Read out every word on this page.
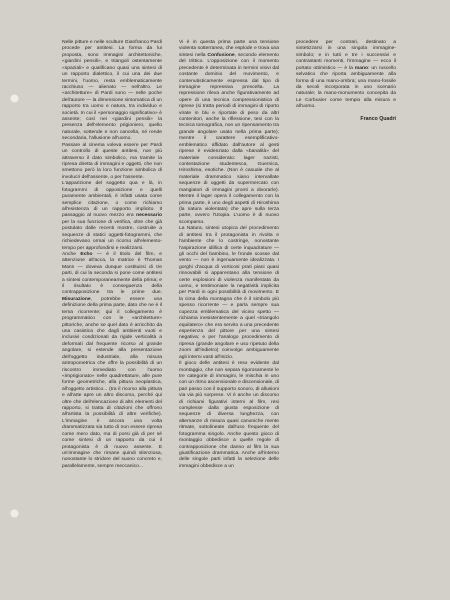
Nelle pitture e nelle sculture Gianfranco Pardi procede per antitesi. La forma da lui proposta, sono immagini architettoniche, «giardini pensili», e triangoli ostentamente «spaziali» e qualificano quasi una sintesi di un rapporto dialettico, il cui una dei due termini, l'uomo, resta emblematicamente racchiuso — alienato — nell'altro. Le «architetture» di Pardi sono — nelle poche dell'autore — la dimensione sintomatica di un rapporto tra uomo e natura, tra individuo e società. In cui il «personaggio significativo» è assente; così nei «giardini pensili» la presenza dell'elemento prigioniero, quello naturale, sottende e non cancella, né rende secondaria, l'allusione all'uomo.

Passare al cinema voleva essere per Pardi un controllo di queste antitesi, non più attraverso il dato simbolico, ma tramite la ripresa diretta di immagini e oggetti, che non smettono però la loro funzione simbolica di involucri dell'assente, o per l'assente.

L'apparizione del soggetto qua e là, in fotogrammi di opposizione e quelli puramente ambientali, è infatti usata come semplice citazione, o come richiamo all'esistenza di un rapporto implicito. Il passaggio al nuovo mezzo era necessario per la sua funzione di verifica, oltre che già postulato dalle recenti mostre, costruite a sequenze di statici oggetti-fotogrammi, che richiedevano ormai un ricorso all'elemento-tempo per approfondirsi e realizzarsi.

Anche Echo — è il titolo del film, e attenzione all'acca, la matrice è Thomas Mann — doveva dunque costituirsi di tre parti, di cui la seconda si pone come antitesi a sintesi contemporaneamente della prima; e il risultato è conseguenza della contrapposizione tra le prime due. Misurazione, potrebbe essere una definizione della prima parte, dato che ne è il tema ricorrente; qui il collegamento è programmatico con le «architetture» pittoriche, anche se quel dato è arricchito da una casistica che dagli ambienti vuoti e inclusivi condizionati da rigide verticalità a deformati dal frequente ricorso al grande angolare, si estende alla presentazione dell'oggetto industriale, alla misura antropometrica che offre la possibilità di un riscontro immediato con l'uomo «imprigionato» nelle quadrettature, alle pure forme geometriche, alla pittura neoplastica, all'oggetto artistico... (tra il ricorso alla pittura e all'arte apre un altro discorso, perché qui oltre che dell'elencazione di altri elementi del rapporto, si tratta di citazioni che offrono all'artista la possibilità di altre verifiche). L'immagine è ancora una volta drammatizzata sia tutto di non essere ripresa come mero dato, ma di porsi già di per sé come sintesi di un rapporto da cui il protagonista è di nuovo assente. E un'immagine che rimane quindi silenziosa, nonostante lo stridore del suono concreto e, parallelamente, sempre meccanico...

Vi è in questa prima parte una tensione violenta sotterranea, che esplode e trova una sintesi nella Confusione, secondo elemento del trittico. L'opposizione con il momento precedente è determinata in termini visivi dal costante dominio del movimento, e contenutisticamente espressa dal tipo di immagine repressiva prescelta. La repressione rileva anche figurativamente ad opere di una tecnica compressionistica di riprese (si tratta periodi di immagini di riporto virate in blu e riportate di peso da altri contenitori, anche la riflessione, tesi con la tecnica tomografica, non un ripensamento tra grande angolare usato nella prima parte); mentre il carattere esemplificativo-emblematico affidato dall'autore al gesti riprese è evidenziato dalla «banalità» del materiale considerato: lager nazisti, contestazione studentesca, Guernica, Hiroshima, esotiche. (Non è casuale che al materiale drammatico siano intervallate sequenze di oggetti da supermercato con mangiatori di immagini pronti a divorarle). Mentre il lager opera il collegamento con la prima parte, è uno degli aspetti di Hiroshima (la natura violentata) che apre sulla terza parte, ovvero l'Utopia. L'uomo è di nuovo scomparso.

La Natura, sintesi utopica del procedimento di antitesi tra il protagonista in rivolta e l'ambiente che lo costringe, nonostante l'aspirazione idillica di certe inquadrature — gli occhi del bambino, le fronde scosse dal vento — non è ingenuamente idealizzata. I gorghi d'acqua di vorticosi prati piani quasi rinnovabili si apparentano alla tensione di certe esplosioni di violenza manifestata da uomo, e testimoniare la negatività implicita per Pardi in ogni possibilità di movimento. E la cima della montagna che è il simbolo più spesso ricorrente — e parla sempre sua cupezza emblematica del vicino spetto — richiama inesistentemente a quel «triangolo equilatero» che era servito a una precedente esperienza del pittore per una sintesi negativa; e per l'analogo procedimento di ripresa (grande angolare e uso ripetuto della zoom all'indietro) coinvolge ambiguamente agli interni vasti all'inizio.

Il gioco delle antitesi è reso evidente dal montaggio, che non separa rigorosamente le tre categorie di immagini, le mischia in uno con un ritmo ascensionale e discensionale, di pari passo con il supporto sonoro, di allusioni via via più sorprese. Vi è anche un discorso di richiami figurativi interni al film, resi complesse dalla giusta esposizione di sequenze di diversa lunghezza, con alternanze di misura quasi canoniche mente ritmate, sottolineate dall'uso frequente del fotogramma singolo. Anche questo gioco di montaggio obbedisce a quelle regole di contrapposizione che danno al film la sua giustificazione drammatica. Anche all'interno delle singole parti infatti la selezione delle immagini obbedisce a un

procedere per contrari, destinato a sintetizzarsi in una singola immagine-simbolo; e in tutti e tre i successivi e contrastanti momenti, l'immagine — ecco il portato ottimistico — è la mano: un ruscello selvatico che riporta ambiguamente alla forma di una mano-ombra; una mano-fossile da secoli incorporata in uno scenario naturale; la mano-monumento concepita da Le Corbusier come tempio alla misura e all'uomo.

Franco Quadri
